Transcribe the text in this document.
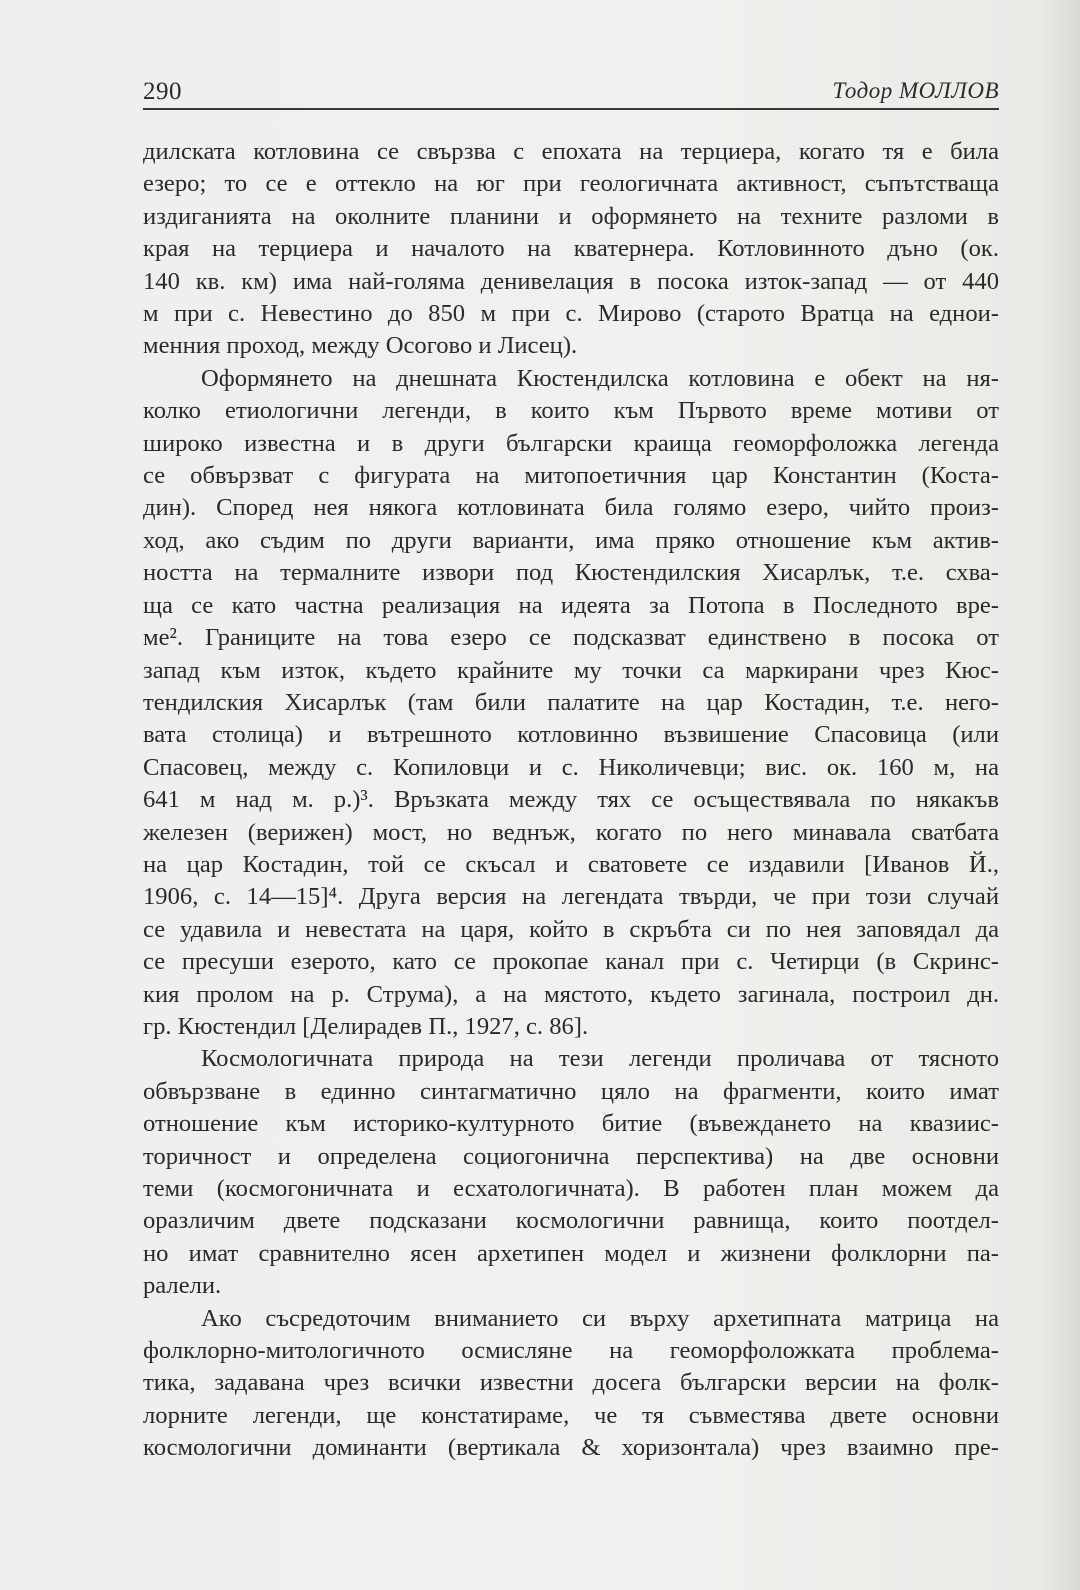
290	Тодор МОЛЛОВ

дилската котловина се свързва с епохата на терциера, когато тя е била
езеро; то се е оттекло на юг при геологичната активност, съпътстваща
издиганията на околните планини и оформянето на техните разломи в
края на терциера и началото на кватернера. Котловинното дъно (ок.
140 кв. км) има най-голяма денивелация в посока изток-запад — от 440
м при с. Невестино до 850 м при с. Мирово (старото Вратца на еднои-
менния проход, между Осогово и Лисец).

Оформянето на днешната Кюстендилска котловина е обект на ня-
колко етиологични легенди, в които към Първото време мотиви от
широко известна и в други български краища геоморфоложка легенда
се обвързват с фигурата на митопоетичния цар Константин (Коста-
дин). Според нея някога котловината била голямо езеро, чийто произ-
ход, ако съдим по други варианти, има пряко отношение към актив-
ността на термалните извори под Кюстендилския Хисарлък, т.е. схва-
ща се като частна реализация на идеята за Потопа в Последното вре-
ме². Границите на това езеро се подсказват единствено в посока от
запад към изток, където крайните му точки са маркирани чрез Кюс-
тендилския Хисарлък (там били палатите на цар Костадин, т.е. него-
вата столица) и вътрешното котловинно възвишение Спасовица (или
Спасовец, между с. Копиловци и с. Николичевци; вис. ок. 160 м, на
641 м над м. р.)³. Връзката между тях се осъществявала по някакъв
железен (верижен) мост, но веднъж, когато по него минавала сватбата
на цар Костадин, той се скъсал и сватовете се издавили [Иванов Й.,
1906, с. 14—15]⁴. Друга версия на легендата твърди, че при този случай
се удавила и невестата на царя, който в скръбта си по нея заповядал да
се пресуши езерото, като се прокопае канал при с. Четирци (в Скринс-
кия пролом на р. Струма), а на мястото, където загинала, построил дн.
гр. Кюстендил [Делирадев П., 1927, с. 86].

Космологичната природа на тези легенди проличава от тясното
обвързване в единно синтагматично цяло на фрагменти, които имат
отношение към историко-културното битие (въвеждането на квазиис-
торичност и определена социогонична перспектива) на две основни
теми (космогоничната и есхатологичната). В работен план можем да
оразличим двете подсказани космологични равнища, които поотдел-
но имат сравнително ясен архетипен модел и жизнени фолклорни па-
ралели.

Ако съсредоточим вниманието си върху архетипната матрица на
фолклорно-митологичното осмисляне на геоморфоложката проблема-
тика, задавана чрез всички известни досега български версии на фолк-
лорните легенди, ще констатираме, че тя съвместява двете основни
космологични доминанти (вертикала & хоризонтала) чрез взаимно пре-
